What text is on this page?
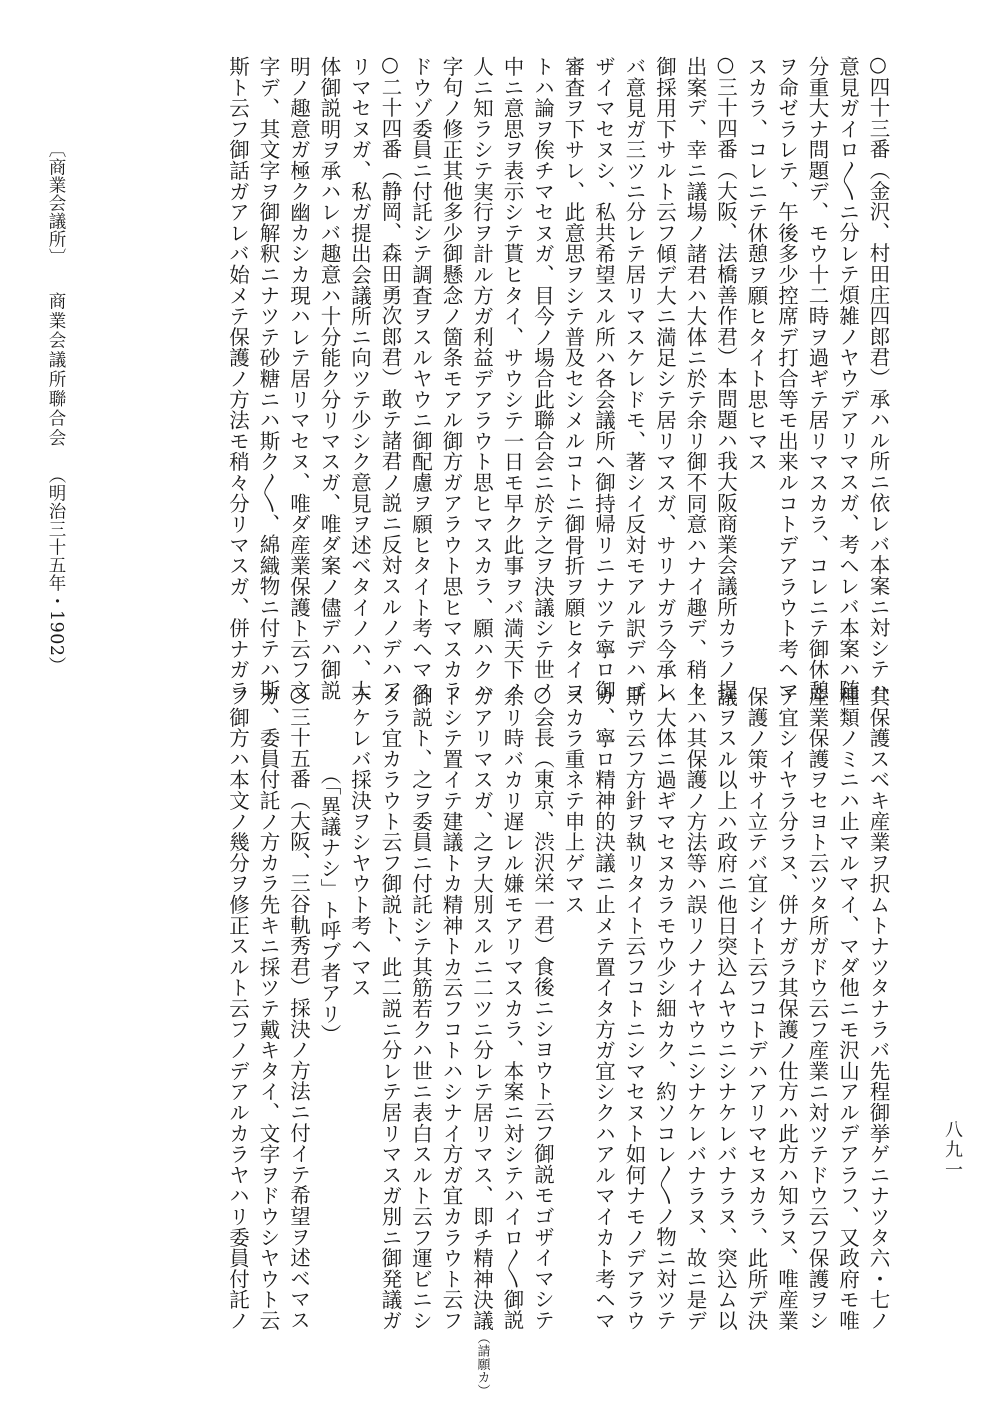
○四十三番（金沢、村田庄四郎君）承ハル所ニ依レバ本案ニ対シテハ
意見ガイロ〳〵ニ分レテ煩雑ノヤウデアリマスガ、考ヘレバ本案ハ随
分重大ナ問題デ、モウ十二時ヲ過ギテ居リマスカラ、コレニテ御休憩
ヲ命ゼラレテ、午後多少控席デ打合等モ出来ルコトデアラウト考ヘマ
スカラ、コレニテ休憩ヲ願ヒタイト思ヒマス
○三十四番（大阪、法橋善作君）本問題ハ我大阪商業会議所カラノ提
出案デ、幸ニ議場ノ諸君ハ大体ニ於テ余リ御不同意ハナイ趣デ、稍々
御採用下サルト云フ傾デ大ニ満足シテ居リマスガ、サリナガラ今承レ
バ意見ガ三ツニ分レテ居リマスケレドモ、著シイ反対モアル訳デハゴ
ザイマセヌシ、私共希望スル所ハ各会議所ヘ御持帰リニナツテ寧ロ御
審査ヲ下サレ、此意思ヲシテ普及セシメルコトニ御骨折ヲ願ヒタイコ
トハ論ヲ俟チマセヌガ、目今ノ場合此聯合会ニ於テ之ヲ決議シテ世ノ
中ニ意思ヲ表示シテ貰ヒタイ、サウシテ一日モ早ク此事ヲバ満天下ノ
人ニ知ラシテ実行ヲ計ル方ガ利益デアラウト思ヒマスカラ、願ハクハ
字句ノ修正其他多少御懸念ノ箇条モアル御方ガアラウト思ヒマスカラ
ドウゾ委員ニ付託シテ調査ヲスルヤウニ御配慮ヲ願ヒタイト考ヘマス
○二十四番（静岡、森田勇次郎君）敢テ諸君ノ説ニ反対スルノデハア
リマセヌガ、私ガ提出会議所ニ向ツテ少シク意見ヲ述ベタイノハ、大
体御説明ヲ承ハレバ趣意ハ十分能ク分リマスガ、唯ダ案ノ儘デハ御説
明ノ趣意ガ極ク幽カシカ現ハレテ居リマセヌ、唯ダ産業保護ト云フ文
字デ、其文字ヲ御解釈ニナツテ砂糖ニハ斯ク〳〵、綿織物ニ付テハ斯
斯ト云フ御話ガアレバ始メテ保護ノ方法モ稍々分リマスガ、併ナガラ
其保護スベキ産業ヲ択ムトナツタナラバ先程御挙ゲニナツタ六・七ノ
種類ノミニハ止マルマイ、マダ他ニモ沢山アルデアラフ、又政府モ唯
産業保護ヲセヨト云ツタ所ガドウ云フ産業ニ対ツテドウ云フ保護ヲシ
テ宜シイヤラ分ラヌ、併ナガラ其保護ノ仕方ハ此方ハ知ラヌ、唯産業
保護ノ策サイ立テバ宜シイト云フコトデハアリマセヌカラ、此所デ決
議ヲスル以上ハ政府ニ他日突込ムヤウニシナケレバナラヌ、突込ム以
上ハ其保護ノ方法等ハ誤リノナイヤウニシナケレバナラヌ、故ニ是デ
ハ大体ニ過ギマセヌカラモウ少シ細カク、約ソコレ〳〵ノ物ニ対ツテ
斯ウ云フ方針ヲ執リタイト云フコトニシマセヌト如何ナモノデアラウ
カ、寧ロ精神的決議ニ止メテ置イタ方ガ宜シクハアルマイカト考ヘマ
スカラ重ネテ申上ゲマス
○会長（東京、渋沢栄一君）食後ニシヨウト云フ御説モゴザイマシテ
余リ時バカリ遅レル嫌モアリマスカラ、本案ニ対シテハイロ〳〵御説
ガアリマスガ、之ヲ大別スルニ二ツニ分レテ居リマス、即チ精神決議（請願カ）
トシテ置イテ建議トカ精神トカ云フコトハシナイ方ガ宜カラウト云フ
御説ト、之ヲ委員ニ付託シテ其筋若クハ世ニ表白スルト云フ運ビニシ
タラ宜カラウト云フ御説ト、此二説ニ分レテ居リマスガ別ニ御発議ガ
ナケレバ採決ヲシヤウト考ヘマス
（「異議ナシ」ト呼ブ者アリ）
○三十五番（大阪、三谷軌秀君）採決ノ方法ニ付イテ希望ヲ述ベマス
ガ、委員付託ノ方カラ先キニ採ツテ戴キタイ、文字ヲドウシヤウト云
フ御方ハ本文ノ幾分ヲ修正スルト云フノデアルカラヤハリ委員付託ノ	八九一
〔商業会議所〕商業会議所聯合会（明治三十五年・1902）
